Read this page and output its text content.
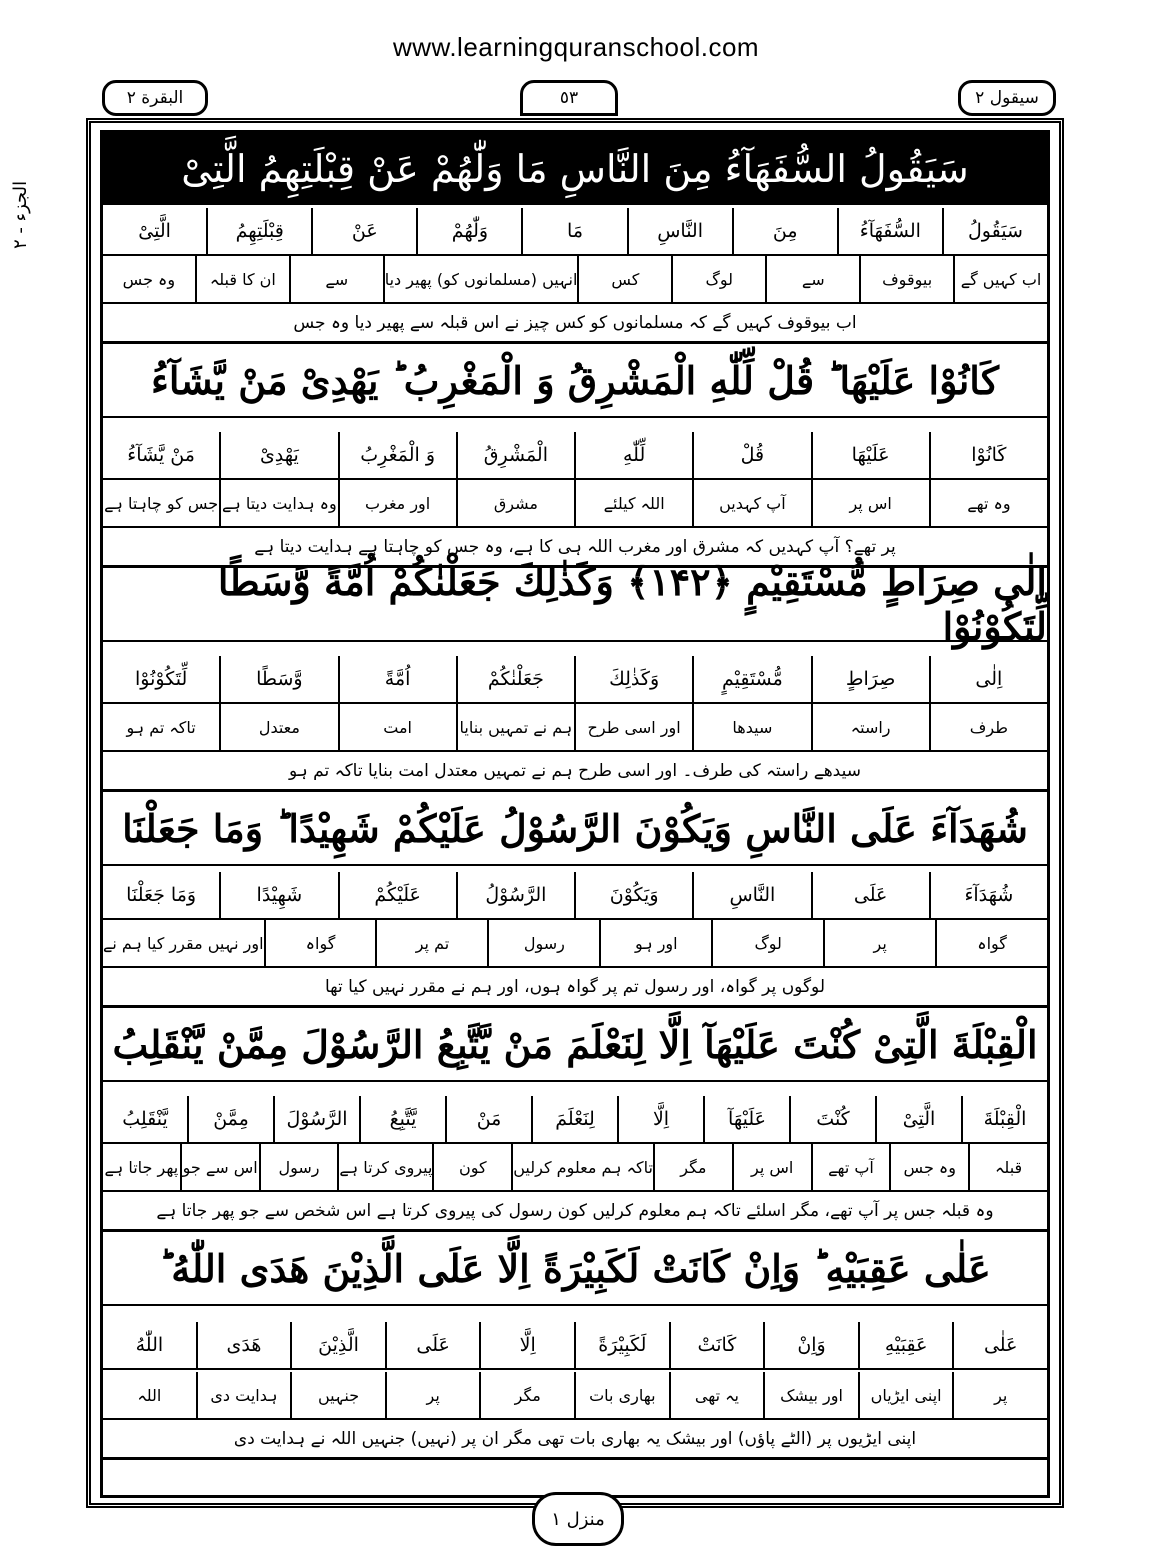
www.learningquranschool.com
البقرة ٢	٥٣	سیقول ٢
الجزء - ٢
سَيَقُولُ السُّفَهَآءُ مِنَ النَّاسِ مَا وَلّٰهُمْ عَنْ قِبْلَتِهِمُ الَّتِىْ
سَيَقُولُ
السُّفَهَآءُ
مِنَ
النَّاسِ
مَا
وَلّٰهُمْ
عَنْ
قِبْلَتِهِمُ
الَّتِىْ
اب کہیں گے
بیوقوف
سے
لوگ
کس
انہیں (مسلمانوں کو) پھیر دیا
سے
ان کا قبلہ
وہ جس
اب بیوقوف کہیں گے کہ مسلمانوں کو کس چیز نے اس قبلہ سے پھیر دیا وہ جس
كَانُوْا عَلَيْهَا ؕ قُلْ لِّلّٰهِ الْمَشْرِقُ وَ الْمَغْرِبُ ؕ يَهْدِىْ مَنْ يَّشَآءُ
كَانُوْا
عَلَيْهَا
قُلْ
لِّلّٰهِ
الْمَشْرِقُ
وَ الْمَغْرِبُ
يَهْدِىْ
مَنْ يَّشَآءُ
وہ تھے
اس پر
آپ کہدیں
اللہ کیلئے
مشرق
اور مغرب
وہ ہدایت دیتا ہے
جس کو چاہتا ہے
پر تھے؟ آپ کہدیں کہ مشرق اور مغرب اللہ ہی کا ہے، وہ جس کو چاہتا ہے ہدایت دیتا ہے
اِلٰى صِرَاطٍ مُّسْتَقِيْمٍ ﴿۱۴۲﴾ وَكَذٰلِكَ جَعَلْنٰكُمْ اُمَّةً وَّسَطًا لِّتَكُوْنُوْا
اِلٰى
صِرَاطٍ
مُّسْتَقِيْمٍ
وَكَذٰلِكَ
جَعَلْنٰكُمْ
اُمَّةً
وَّسَطًا
لِّتَكُوْنُوْا
طرف
راستہ
سیدھا
اور اسی طرح
ہم نے تمہیں بنایا
امت
معتدل
تاکہ تم ہو
سیدھے راستہ کی طرف۔ اور اسی طرح ہم نے تمہیں معتدل امت بنایا تاکہ تم ہو
شُهَدَآءَ عَلَى النَّاسِ وَيَكُوْنَ الرَّسُوْلُ عَلَيْكُمْ شَهِيْدًا ؕ وَمَا جَعَلْنَا
شُهَدَآءَ
عَلَى
النَّاسِ
وَيَكُوْنَ
الرَّسُوْلُ
عَلَيْكُمْ
شَهِيْدًا
وَمَا جَعَلْنَا
گواہ
پر
لوگ
اور ہو
رسول
تم پر
گواہ
اور نہیں مقرر کیا ہم نے
لوگوں پر گواہ، اور رسول تم پر گواہ ہوں، اور ہم نے مقرر نہیں کیا تھا
الْقِبْلَةَ الَّتِىْ كُنْتَ عَلَيْهَآ اِلَّا لِنَعْلَمَ مَنْ يَّتَّبِعُ الرَّسُوْلَ مِمَّنْ يَّنْقَلِبُ
الْقِبْلَةَ
الَّتِىْ
كُنْتَ
عَلَيْهَآ
اِلَّا
لِنَعْلَمَ
مَنْ
يَّتَّبِعُ
الرَّسُوْلَ
مِمَّنْ
يَّنْقَلِبُ
قبلہ
وہ جس
آپ تھے
اس پر
مگر
تاکہ ہم معلوم کرلیں
کون
پیروی کرتا ہے
رسول
اس سے جو
پھر جاتا ہے
وہ قبلہ جس پر آپ تھے، مگر اسلئے تاکہ ہم معلوم کرلیں کون رسول کی پیروی کرتا ہے اس شخص سے جو پھر جاتا ہے
عَلٰى عَقِبَيْهِ ؕ وَاِنْ كَانَتْ لَكَبِيْرَةً اِلَّا عَلَى الَّذِيْنَ هَدَى اللّٰهُ ؕ
عَلٰى
عَقِبَيْهِ
وَاِنْ
كَانَتْ
لَكَبِيْرَةً
اِلَّا
عَلَى
الَّذِيْنَ
هَدَى
اللّٰهُ
پر
اپنی ایڑیاں
اور بیشک
یہ تھی
بھاری بات
مگر
پر
جنہیں
ہدایت دی
اللہ
اپنی ایڑیوں پر (الٹے پاؤں) اور بیشک یہ بھاری بات تھی مگر ان پر (نہیں) جنہیں اللہ نے ہدایت دی
منزل ١
